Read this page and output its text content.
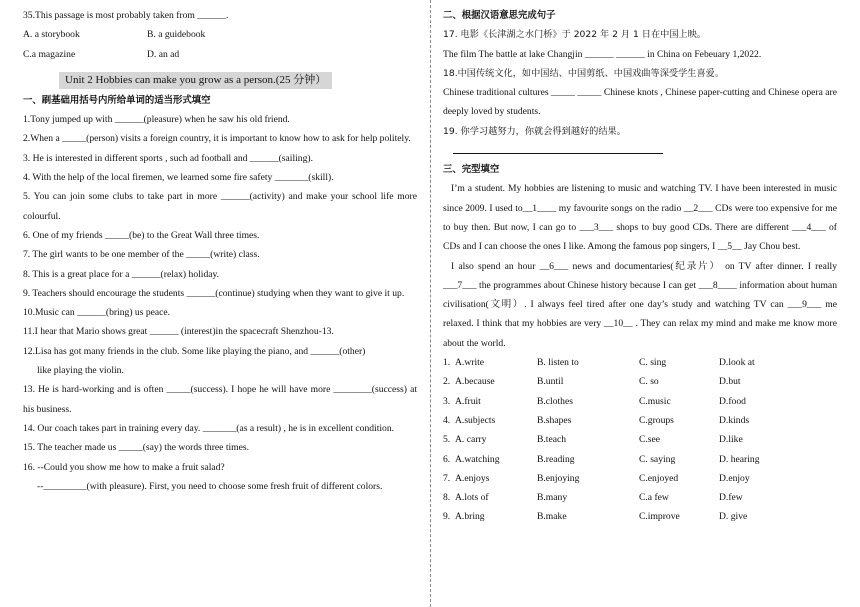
35.This passage is most probably taken from ______.
A. a storybook	B. a guidebook
C.a magazine	D. an ad
Unit 2 Hobbies can make you grow as a person.(25 分钟）
一、刷基础用括号内所给单词的适当形式填空
1.Tony jumped up with ______(pleasure) when he saw his old friend.
2.When a _____(person) visits a foreign country, it is important to know how to ask for help politely.
3. He is interested in different sports , such ad football and ______(sailing).
4. With the help of the local firemen, we learned some fire safety _______(skill).
5. You can join some clubs to take part in more ______(activity) and make your school life more colourful.
6. One of my friends _____(be) to the Great Wall three times.
7. The girl wants to be one member of the _____(write) class.
8. This is a great place for a ______(relax) holiday.
9. Teachers should encourage the students ______(continue) studying when they want to give it up.
10.Music can ______(bring) us peace.
11.I hear that Mario shows great ______ (interest)in the spacecraft Shenzhou-13.
12.Lisa has got many friends in the club. Some like playing the piano, and ______(other)
like playing the violin.
13. He is hard-working and is often _____(success). I hope he will have more ________(success) at his business.
14. Our coach takes part in training every day. _______(as a result) , he is in excellent condition.
15. The teacher made us _____(say) the words three times.
16. --Could you show me how to make a fruit salad?
--_________(with pleasure). First, you need to choose some fresh fruit of different colors.
二、根据汉语意思完成句子
17. 电影《长津湖之水门桥》于 2022 年 2 月 1 日在中国上映。
The film The battle at lake Changjin ______ ______ in China on Febeuary 1,2022.
18.中国传统文化，如中国结、中国剪纸、中国戏曲等深受学生喜爱。
Chinese traditional cultures _____ _____ Chinese knots , Chinese paper-cutting and Chinese opera are deeply loved by students.
19. 你学习越努力，你就会得到越好的结果。
三、完型填空
I’m a student. My hobbies are listening to music and watching TV. I have been interested in music since 2009. I used to__1____ my favourite songs on the radio __2___ CDs were too expensive for me to buy then. But now, I can go to ___3___ shops to buy good CDs. There are different ___4___ of CDs and I can choose the ones I like. Among the famous pop singers, I __5__ Jay Chou best.
I also spend an hour __6___ news and documentaries(纪录片） on TV after dinner. I really ___7___ the programmes about Chinese history because I can get ___8____ information about human civilisation(文明）. I always feel tired after one day’s study and watching TV can ___9___ me relaxed. I think that my hobbies are very __10__ . They can relax my mind and make me know more about the world.
1. A.write	B. listen to	C. sing	D.look at
2. A.because	B.until	C. so	D.but
3. A.fruit	B.clothes	C.music	D.food
4. A.subjects	B.shapes	C.groups	D.kinds
5. A. carry	B.teach	C.see	D.like
6. A.watching	B.reading	C. saying	D. hearing
7. A.enjoys	B.enjoying	C.enjoyed	D.enjoy
8. A.lots of	B.many	C.a few	D.few
9. A.bring	B.make	C.improve	D. give
